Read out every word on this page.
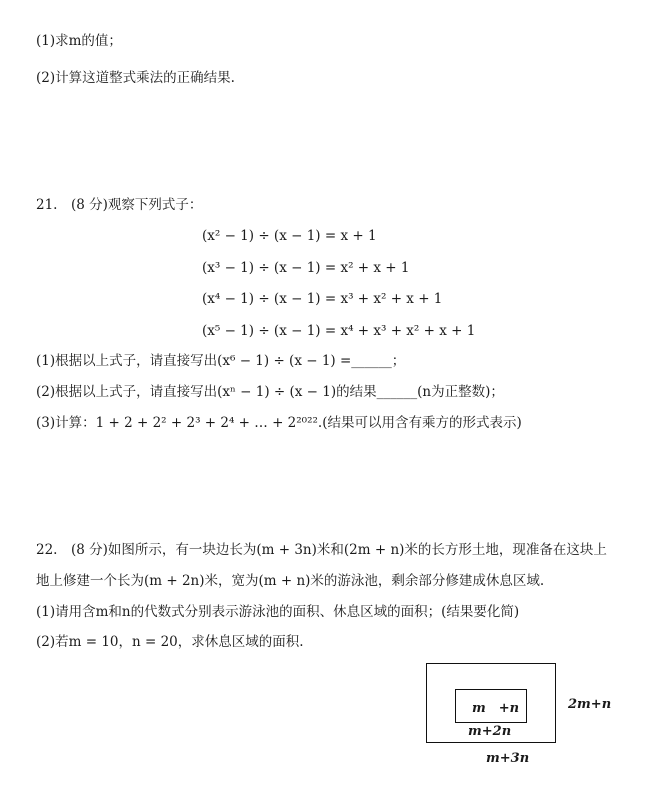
(1)求m的值；
(2)计算这道整式乘法的正确结果.
21.　(8 分)观察下列式子：
(x² − 1) ÷ (x − 1) = x + 1
(x³ − 1) ÷ (x − 1) = x² + x + 1
(x⁴ − 1) ÷ (x − 1) = x³ + x² + x + 1
(x⁵ − 1) ÷ (x − 1) = x⁴ + x³ + x² + x + 1
(1)根据以上式子，请直接写出(x⁶ − 1) ÷ (x − 1) =______；
(2)根据以上式子，请直接写出(xⁿ − 1) ÷ (x − 1)的结果______(n为正整数)；
(3)计算：1 + 2 + 2² + 2³ + 2⁴ + … + 2²⁰²².(结果可以用含有乘方的形式表示)
22.　(8 分)如图所示，有一块边长为(m + 3n)米和(2m + n)米的长方形土地，现准备在这块上
地上修建一个长为(m + 2n)米，宽为(m + n)米的游泳池，剩余部分修建成休息区域.
(1)请用含m和n的代数式分别表示游泳池的面积、休息区域的面积；(结果要化简)
(2)若m = 10，n = 20，求休息区域的面积.
m　+n
m+2n
2m+n
m+3n
